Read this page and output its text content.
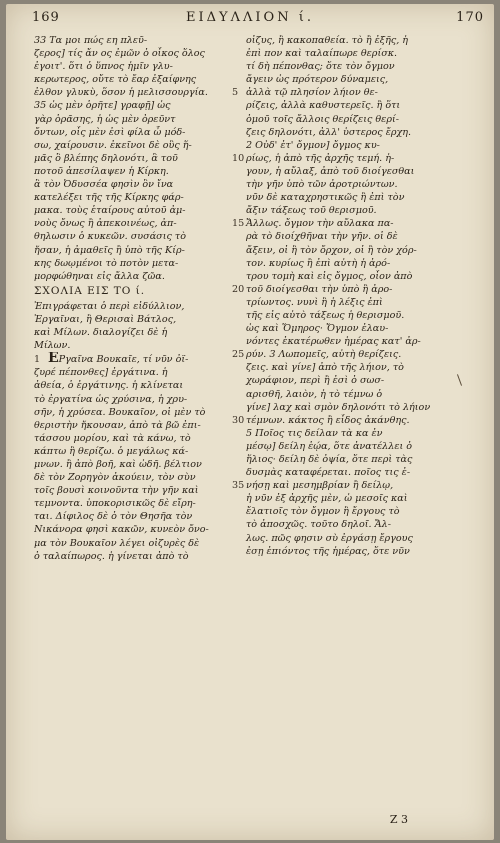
169	ΕΙΔΥΛΛΙΟΝ ί.	170
33 Τα μοι πώς εη πλεῦ-
ζερος] τίς ἄν ος ἐμῶν ὁ οἶκος ὅλος
ἐγοιτ'. ὅτι ὁ ὕπνος ἡμῖν γλυ-
κερωτερος, οὔτε τὸ ἔαρ ἐξαίφνης
ἐλθον γλυκὺ, ὅσον ἡ μελισσουργία.
35 ὡς μὲν ὁρῆτε] γραφῇ] ὡς
γὰρ ὁρᾶσης, ἡ ὡς μὲν ὀρεῦντ
ὄντων, οἷς μὲν ἐσὶ φίλα ὦ μόδ-
σω, χαίρουσιν. ἐκεῖνοι δὲ οὓς ἥ-
μᾶς ὃ βλέπης δηλονότι, ἃ τοῦ
ποτοῦ ἀπεσίλαψεν ἡ Κίρκη.
ἃ τὸν Ὀδυσσέα φησὶν ὃν ἴνα
κατελέξει τῆς τῆς Κίρκης φάρ-
μακα. τοὺς ἑταίρους αὐτοῦ ἀμ-
νοὺς ὄνως ἢ ἀπεκοινέως, ἀπ-
θηλωσιν ὁ κυκεῶν. συσάσις τὸ
ἤσαν, ἡ ἀμαθεῖς ἢ ὑπὸ τῆς Κίρ-
κης δωῳμένοι τὸ ποτὸν μετα-
μορφώθηναι εἰς ἄλλα ζῶα.
ΣΧΟΛΙΑ ΕΙΣ ΤΟ ί.
Ἐπιγράφεται ὁ περὶ εἰδύλλιον,
Ἐργαῖναι, ἢ Θερισαὶ Βάτλος,
καὶ Μίλων. διαλογίζει δὲ ἡ
Μίλων.
1 ΕΡγαῖνα Βουκαῖε, τί νῦν ὀϊ-
ζυρέ πέπονθες] ἐργάτινα. ἡ
ἀθεία, ὁ ἐργάτινης. ἡ κλίνεται
τὸ ἐργατίνα ὡς χρύσινα, ἡ χρυ-
σῆν, ἡ χρύσεα. Βουκαῖον, οἱ μὲν τὸ
θεριστὴν ἤκουσαν, ἀπὸ τὰ βῶ ἐπι-
τάσσου μορίου, καὶ τὰ κάνω, τὸ
κάπτω ἢ θερίζω. ὁ μεγάλως κά-
μνων. ἢ ἀπὸ βοῆ, καὶ ὠδῆ. βέλτιον
δὲ τὸν Ζορηγὸν ἀκούειν, τὸν σὺν
τοῖς βουσὶ κοινοῦντα τὴν γῆν καὶ
τεμνοντα. ὑποκορισικῶς δὲ εἴρη-
ται. Δίφιλος δὲ ὁ τὸν Θησῆα τὸν
Νικάνορα φησὶ κακῶν, κυνεὸν ὄνο-
μα τὸν Βουκαῖον λέγει οἰζυρὲς δὲ
ὁ ταλαίπωρος. ἡ γίνεται ἀπὸ τὸ
οἰζυς, ἢ κακοπαθεία. τὸ ἢ ἐξῆς, ἡ
ἐπὶ πον καὶ ταλαίπωρε θερίσκ.
τί δὴ πέπονθας; ὅτε τὸν ὄγμον
ἄγειν ὡς πρότερον δύναμεις,
5 ἀλλὰ τῷ πλησίον λήιον θε-
ρίζεις, ἀλλὰ καθυστερεῖς. ἢ ὅτι
ὁμοῦ τοῖς ἄλλοις θερίζεις θερί-
ζεις δηλονότι, ἀλλ' ὑστερος ἔρχη.
2 Οὐδ' ἐτ' ὄγμον] ὄγμος κυ-
10 ρίως, ἡ ἀπὸ τῆς ἀρχῆς τεμή. ἡ-
γουν, ἡ αὔλαξ, ἀπὸ τοῦ διοίγεσθαι
τὴν γῆν ὑπὸ τῶν ἀροτριώντων.
νῦν δὲ καταχρηστικῶς ἢ ἐπὶ τὸν
ἄξιν τάξεως τοῦ θερισμοῦ.
15 Ἄλλως. ὄγμον τὴν αὔλακα πα-
ρὰ τὸ διοίχθῆναι τὴν γῆν. οἱ δὲ
ἄξειν, οἱ ἢ τὸν ὄρχον, οἱ ἢ τὸν χόρ-
τον. κυρίως ἢ ἐπὶ αὐτὴ ἡ ἀρό-
τρου τομὴ καὶ εἰς ὄγμος, οἷον ἀπὸ
20 τοῦ διοίγεσθαι τὴν ὑπὸ ἢ ἀρο-
τρίωντος. νυνὶ ἢ ἡ λέξις ἐπὶ
τῆς εἰς αὐτὸ τάξεως ἡ θερισμοῦ.
ὡς καὶ Ὅμηρος· Ὄγμον ἐλαυ-
νόντες ἑκατέρωθεν ἡμέρας κατ' ἀρ-
25 ρύν. 3 Λωπομεῖς, αὐτὴ θερίζεις.
ζεις. καὶ γίνε] ἀπὸ τῆς λήιον, τὸ
χωράφιον, περὶ ἢ ἐσὶ ὁ σωσ-
αρισθῆ, λαιὸν, ἡ τὸ τέμνω ὁ
γίνε] λαχ καὶ σμὸν δηλονότι τὸ λήιον
30 τέμνων. κάκτος ἢ εἶδος ἀκάνθης.
5 Ποῖος τις δείλαν τὰ κα ἐν
μέσῳ] δείλη ἑῴα, ὅτε ἀνατέλλει ὁ
ἥλιος· δείλη δὲ ὀψία, ὅτε περὶ τὰς
δυσμὰς καταφέρεται. ποῖος τις ἐ-
35 νήσῃ καὶ μεσημβρίαν ἢ δείλῳ,
ἡ νῦν ἐξ ἀρχῆς μὲν, ὡ μεσοῖς καὶ
ἔλατιοῖς τὸν ὄγμον ἢ ἔργους τὸ
τὸ ἀποσχῶς. τοῦτο δηλοῖ. Ἄλ-
λως. πῶς φησιν σὺ ἐργάσῃ ἔργους
ἐσῃ ἐπιόντος τῆς ἡμέρας, ὅτε νῦν
Ζ 3
